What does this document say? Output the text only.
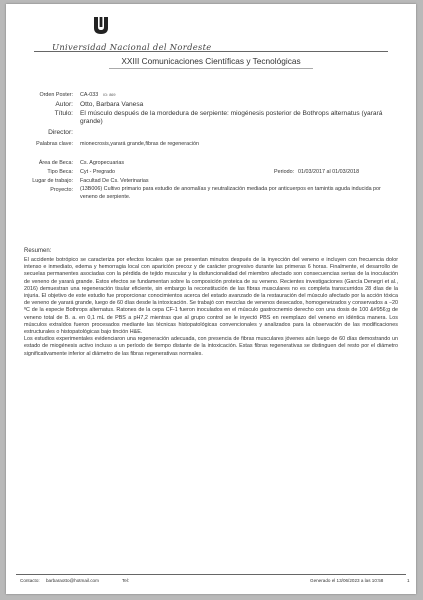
Universidad Nacional del Nordeste
XXIII Comunicaciones Científicas y Tecnológicas
Orden Poster: CA-033 ID: 869
Autor: Otto, Barbara Vanesa
Título: El músculo después de la mordedura de serpiente: miogénesis posterior de Bothrops alternatus (yarará grande)
Director:
Palabras clave: mionecrosis,yarará grande,fibras de regeneración
Área de Beca: Cs. Agropecuarias
Tipo Beca: Cyt - Pregrado	Periodo: 01/03/2017 al 01/03/2018
Lugar de trabajo: Facultad De Cs. Veterinarias
Proyecto: (13B006) Cultivo primario para estudio de anomalías y neutralización mediada por anticuerpos en tamintis aguda inducida por veneno de serpiente.
Resumen:
El accidente botrópico se caracteriza por efectos locales que se presentan minutos después de la inyección del veneno e incluyen con frecuencia dolor intenso e inmediato, edema y hemorragia local con aparición precoz y de carácter progresivo durante las primeras 6 horas. Finalmente, el desarrollo de secuelas permanentes asociadas con la pérdida de tejido muscular y la disfuncionalidad del miembro afectado son consecuencias serias de la inoculación de veneno de yarará grande. Estos efectos se fundamentan sobre la composición proteica de su veneno. Recientes investigaciones (García Denegri et al., 2016) demuestran una regeneración tisular eficiente, sin embargo la reconstitución de las fibras musculares no es completa transcurridos 28 días de la injuria. El objetivo de este estudio fue proporcionar conocimientos acerca del estado avanzado de la restauración del músculo afectado por la acción tóxica de veneno de yarará grande, luego de 60 días desde la intoxicación. Se trabajó con mezclas de venenos desecados, homogeneizados y conservados a −20 ºC de la especie Bothrops alternatus. Ratones de la cepa CF-1 fueron inoculados en el músculo gastrocnemio derecho con una dosis de 100 &#956;g de veneno total de B. a. en 0,1 mL de PBS a pH7,2 mientras que al grupo control se le inyectó PBS en reemplazo del veneno en idéntica manera. Los músculos extraídos fueron procesados mediante las técnicas histopatológicas convencionales y analizados para la observación de las modificaciones estructurales o histopatológicas bajo tinción H&E.
Los estudios experimentales evidenciaron una regeneración adecuada, con presencia de fibras musculares jóvenes aún luego de 60 días demostrando un estado de miogénesis activo incluso a un período de tiempo distante de la intoxicación. Estas fibras regenerativas se distinguen del resto por el diámetro significativamente inferior al diámetro de las fibras regenerativas normales.
Contacto: barbaraotto@hotmail.com	Tel:	Generado el 13/06/2023 a las 10:58	1
